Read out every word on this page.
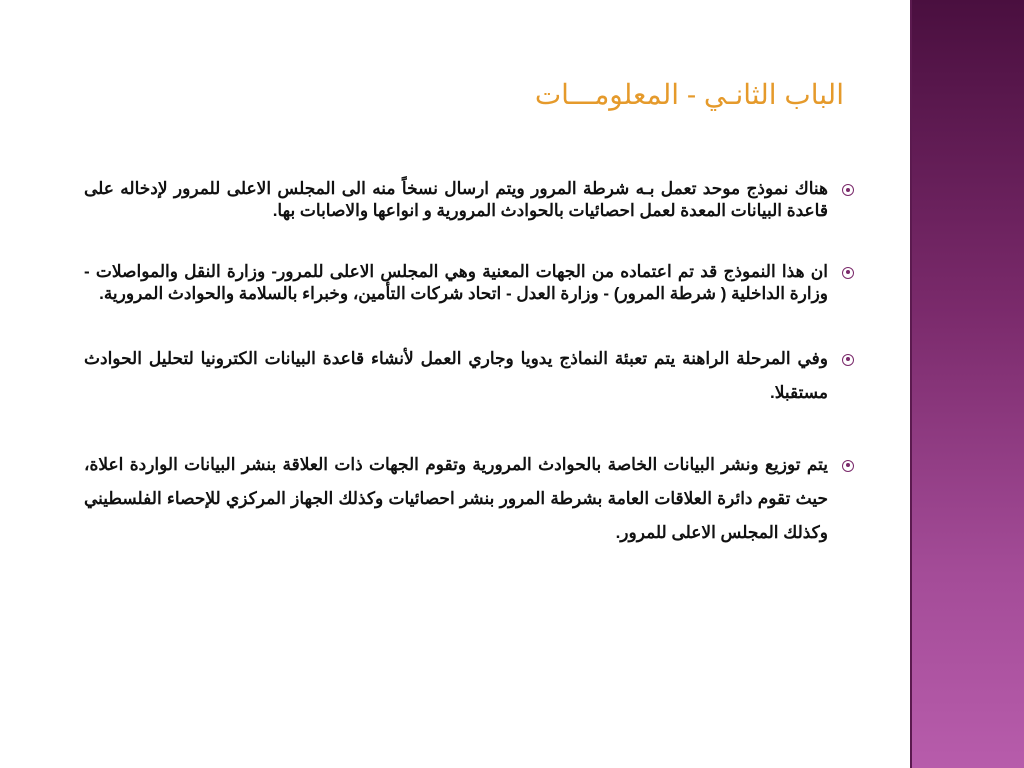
الباب الثانـي - المعلومـــات
هناك نموذج موحد تعمل بـه شرطة المرور ويتم ارسال نسخاً منه الى المجلس الاعلى للمرور لإدخاله على قاعدة البيانات المعدة لعمل احصائيات بالحوادث المرورية و انواعها والاصابات بها.
ان هذا النموذج قد تم اعتماده من الجهات المعنية وهي المجلس الاعلى للمرور- وزارة النقل والمواصلات - وزارة الداخلية ( شرطة المرور) - وزارة العدل - اتحاد شركات التأمين، وخبراء بالسلامة والحوادث المرورية.
وفي المرحلة الراهنة يتم تعبئة النماذج يدويا وجاري العمل لأنشاء قاعدة البيانات الكترونيا لتحليل الحوادث مستقبلا.
يتم توزيع ونشر البيانات الخاصة بالحوادث المرورية وتقوم الجهات ذات العلاقة بنشر البيانات الواردة اعلاة، حيث تقوم دائرة العلاقات العامة بشرطة المرور بنشر احصائيات وكذلك الجهاز المركزي للإحصاء الفلسطيني وكذلك المجلس الاعلى للمرور.
